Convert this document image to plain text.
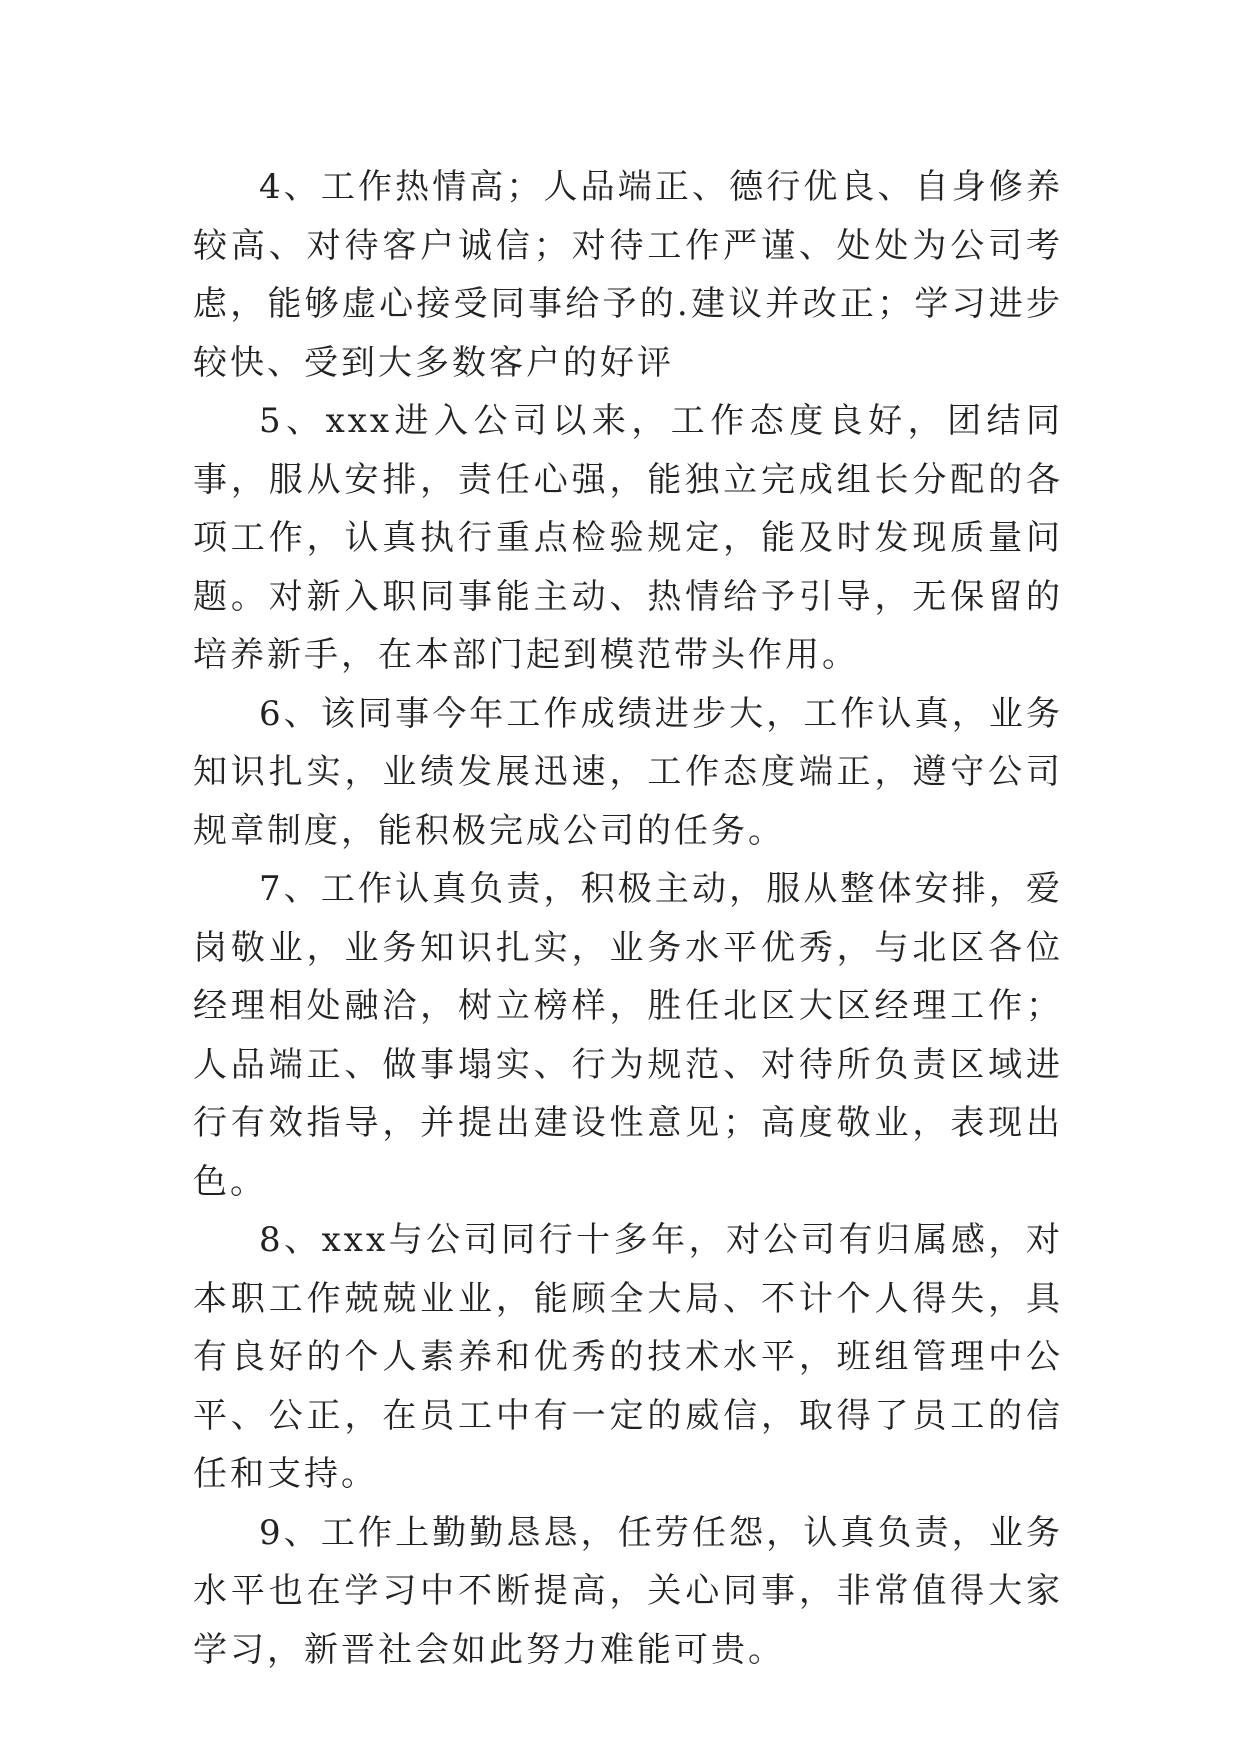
4、工作热情高；人品端正、德行优良、自身修养较高、对待客户诚信；对待工作严谨、处处为公司考虑，能够虚心接受同事给予的.建议并改正；学习进步较快、受到大多数客户的好评

5、xxx进入公司以来，工作态度良好，团结同事，服从安排，责任心强，能独立完成组长分配的各项工作，认真执行重点检验规定，能及时发现质量问题。对新入职同事能主动、热情给予引导，无保留的培养新手，在本部门起到模范带头作用。

6、该同事今年工作成绩进步大，工作认真，业务知识扎实，业绩发展迅速，工作态度端正，遵守公司规章制度，能积极完成公司的任务。

7、工作认真负责，积极主动，服从整体安排，爱岗敬业，业务知识扎实，业务水平优秀，与北区各位经理相处融洽，树立榜样，胜任北区大区经理工作；人品端正、做事塌实、行为规范、对待所负责区域进行有效指导，并提出建设性意见；高度敬业，表现出色。

8、xxx与公司同行十多年，对公司有归属感，对本职工作兢兢业业，能顾全大局、不计个人得失，具有良好的个人素养和优秀的技术水平，班组管理中公平、公正，在员工中有一定的威信，取得了员工的信任和支持。

9、工作上勤勤恳恳，任劳任怨，认真负责，业务水平也在学习中不断提高，关心同事，非常值得大家学习，新晋社会如此努力难能可贵。
